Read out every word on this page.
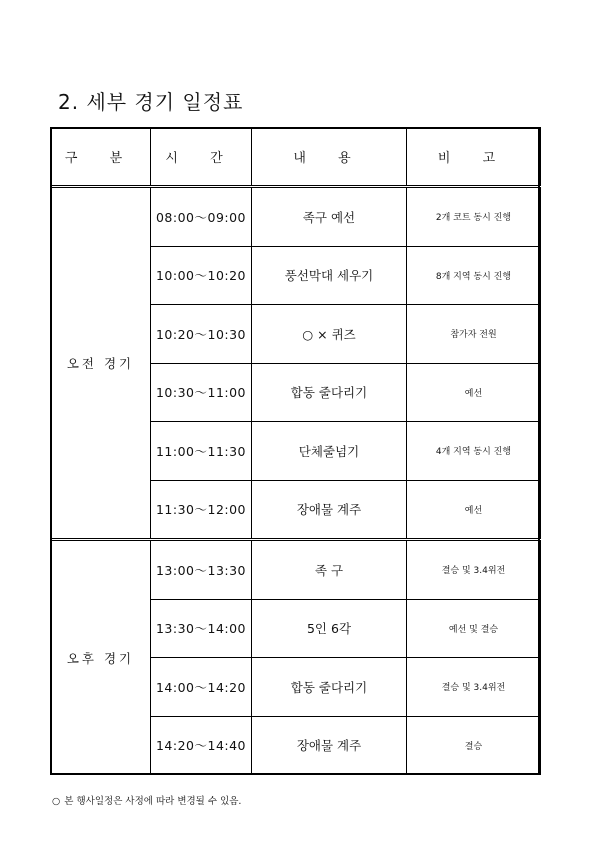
2. 세부 경기 일정표
구 분	시 간	내 용	비 고
오전 경기	08:00～09:00	족구 예선	2개 코트 동시 진행
	10:00～10:20	풍선막대 세우기	8개 지역 동시 진행
	10:20～10:30	○ × 퀴즈	참가자 전원
	10:30～11:00	합동 줄다리기	예선
	11:00～11:30	단체줄넘기	4개 지역 동시 진행
	11:30～12:00	장애물 계주	예선
오후 경기	13:00～13:30	족 구	결승 및 3.4위전
	13:30～14:00	5인 6각	예선 및 결승
	14:00～14:20	합동 줄다리기	결승 및 3.4위전
	14:20～14:40	장애물 계주	결승
○ 본 행사일정은 사정에 따라 변경될 수 있음.
